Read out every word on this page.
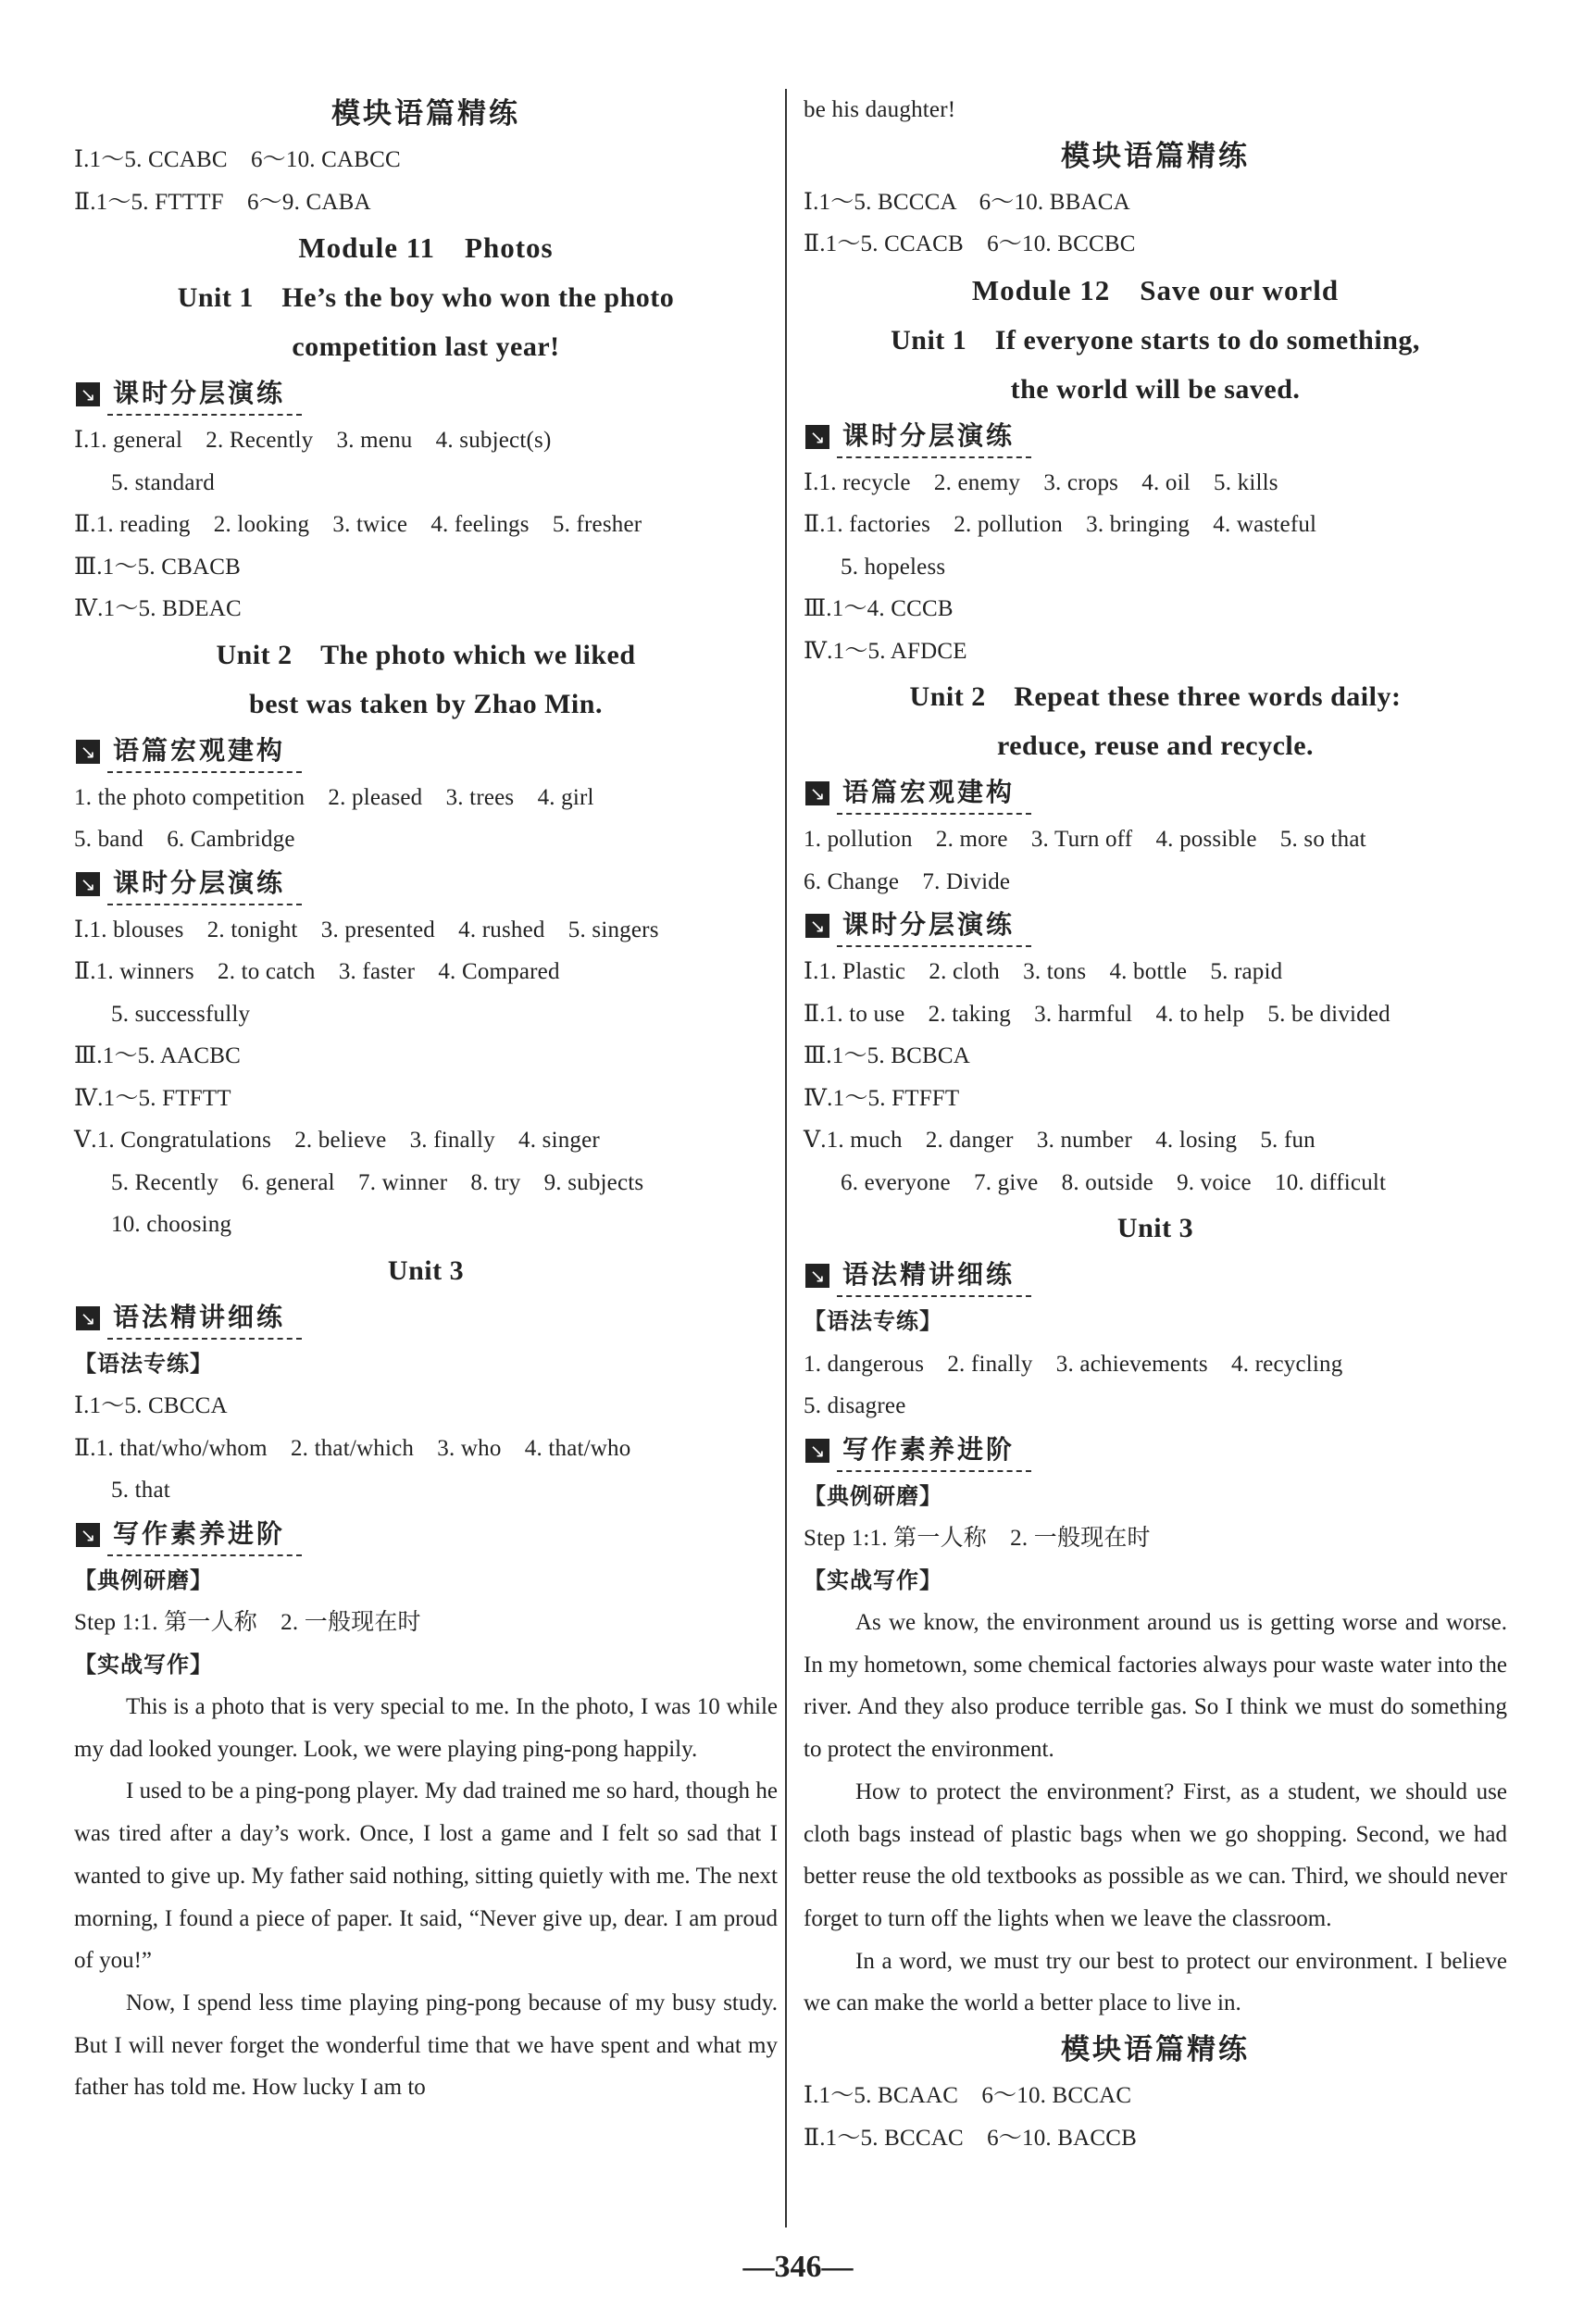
模块语篇精练
Ⅰ.1～5. CCABC　6～10. CABCC
Ⅱ.1～5. FTTTF　6～9. CABA
Module 11　Photos
Unit 1　He’s the boy who won the photo
competition last year!
↘ 课时分层演练
Ⅰ.1. general　2. Recently　3. menu　4. subject(s)
5. standard
Ⅱ.1. reading　2. looking　3. twice　4. feelings　5. fresher
Ⅲ.1～5. CBACB
Ⅳ.1～5. BDEAC
Unit 2　The photo which we liked
best was taken by Zhao Min.
↘ 语篇宏观建构
1. the photo competition　2. pleased　3. trees　4. girl
5. band　6. Cambridge
↘ 课时分层演练
Ⅰ.1. blouses　2. tonight　3. presented　4. rushed　5. singers
Ⅱ.1. winners　2. to catch　3. faster　4. Compared
5. successfully
Ⅲ.1～5. AACBC
Ⅳ.1～5. FTFTT
Ⅴ.1. Congratulations　2. believe　3. finally　4. singer
5. Recently　6. general　7. winner　8. try　9. subjects
10. choosing
Unit 3
↘ 语法精讲细练
【语法专练】
Ⅰ.1～5. CBCCA
Ⅱ.1. that/who/whom　2. that/which　3. who　4. that/who
5. that
↘ 写作素养进阶
【典例研磨】
Step 1:1. 第一人称　2. 一般现在时
【实战写作】
This is a photo that is very special to me. In the photo, I was 10 while my dad looked younger. Look, we were playing ping-pong happily.
I used to be a ping-pong player. My dad trained me so hard, though he was tired after a day’s work. Once, I lost a game and I felt so sad that I wanted to give up. My father said nothing, sitting quietly with me. The next morning, I found a piece of paper. It said, “Never give up, dear. I am proud of you!”
Now, I spend less time playing ping-pong because of my busy study. But I will never forget the wonderful time that we have spent and what my father has told me. How lucky I am to
be his daughter!
模块语篇精练
Ⅰ.1～5. BCCCA　6～10. BBACA
Ⅱ.1～5. CCACB　6～10. BCCBC
Module 12　Save our world
Unit 1　If everyone starts to do something,
the world will be saved.
↘ 课时分层演练
Ⅰ.1. recycle　2. enemy　3. crops　4. oil　5. kills
Ⅱ.1. factories　2. pollution　3. bringing　4. wasteful
5. hopeless
Ⅲ.1～4. CCCB
Ⅳ.1～5. AFDCE
Unit 2　Repeat these three words daily:
reduce, reuse and recycle.
↘ 语篇宏观建构
1. pollution　2. more　3. Turn off　4. possible　5. so that
6. Change　7. Divide
↘ 课时分层演练
Ⅰ.1. Plastic　2. cloth　3. tons　4. bottle　5. rapid
Ⅱ.1. to use　2. taking　3. harmful　4. to help　5. be divided
Ⅲ.1～5. BCBCA
Ⅳ.1～5. FTFFT
Ⅴ.1. much　2. danger　3. number　4. losing　5. fun
6. everyone　7. give　8. outside　9. voice　10. difficult
Unit 3
↘ 语法精讲细练
【语法专练】
1. dangerous　2. finally　3. achievements　4. recycling
5. disagree
↘ 写作素养进阶
【典例研磨】
Step 1:1. 第一人称　2. 一般现在时
【实战写作】
As we know, the environment around us is getting worse and worse. In my hometown, some chemical factories always pour waste water into the river. And they also produce terrible gas. So I think we must do something to protect the environment.
How to protect the environment? First, as a student, we should use cloth bags instead of plastic bags when we go shopping. Second, we had better reuse the old textbooks as possible as we can. Third, we should never forget to turn off the lights when we leave the classroom.
In a word, we must try our best to protect our environment. I believe we can make the world a better place to live in.
模块语篇精练
Ⅰ.1～5. BCAAC　6～10. BCCAC
Ⅱ.1～5. BCCAC　6～10. BACCB
—346—
